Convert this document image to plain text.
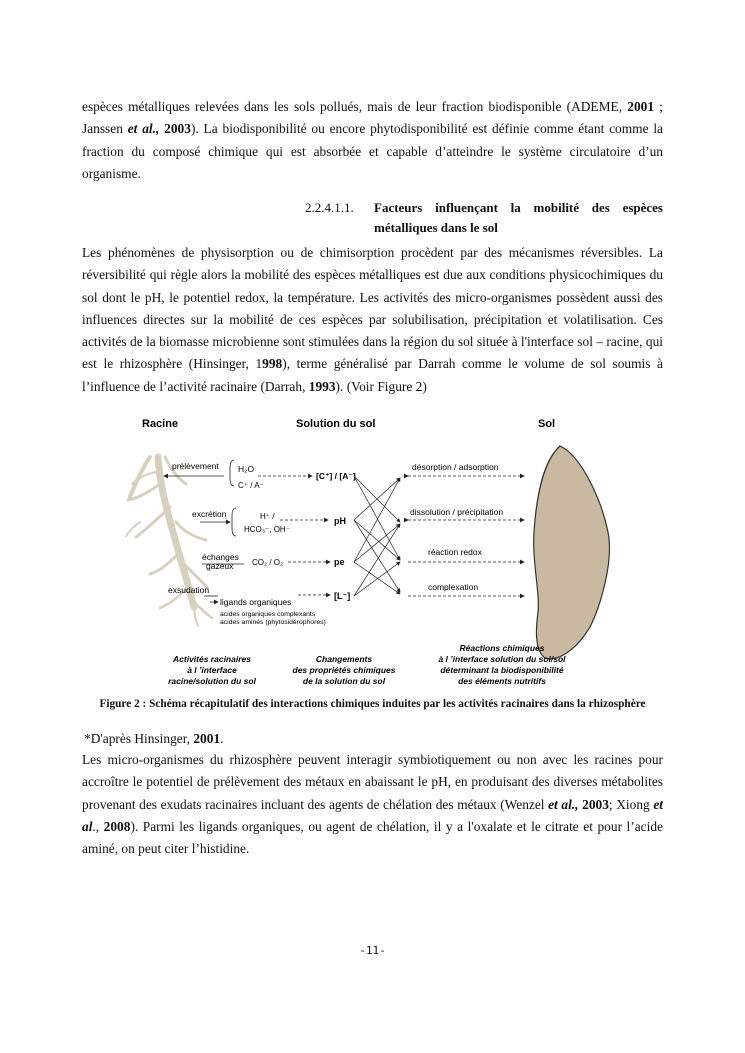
espèces métalliques relevées dans les sols pollués, mais de leur fraction biodisponible (ADEME, 2001 ; Janssen et al., 2003). La biodisponibilité ou encore phytodisponibilité est définie comme étant comme la fraction du composé chimique qui est absorbée et capable d’atteindre le système circulatoire d’un organisme.

2.2.4.1.1.	Facteurs influençant la mobilité des espèces métalliques dans le sol

Les phénomènes de physisorption ou de chimisorption procèdent par des mécanismes réversibles. La réversibilité qui règle alors la mobilité des espèces métalliques est due aux conditions physicochimiques du sol dont le pH, le potentiel redox, la température. Les activités des micro-organismes possèdent aussi des influences directes sur la mobilité de ces espèces par solubilisation, précipitation et volatilisation. Ces activités de la biomasse microbienne sont stimulées dans la région du sol située à l'interface sol – racine, qui est le rhizosphère (Hinsinger, 1998), terme généralisé par Darrah comme le volume de sol soumis à l’influence de l’activité racinaire (Darrah, 1993). (Voir Figure 2)

Racine	Solution du sol	Sol
prélèvement H₂O
C⁺ / A⁻
excrétion	H⁺ /
HCO₃⁻, OH⁻
échanges
gazeux CO₂ / O₂
exsudation
ligands organiques
acides organiques complexants
acides aminés (phytosidérophores)
[C⁺] / [A⁻]
pH
pe
[L⁻]
désorption / adsorption
dissolution / précipitation
réaction redox
complexation
Activités racinaires
à l ’interface
racine/solution du sol
Changements
des propriétés chimiques
de la solution du sol
Réactions chimiques
à l ’interface solution du sol/sol
déterminant la biodisponibilité
des éléments nutritifs
Figure 2 : Schéma récapitulatif des interactions chimiques induites par les activités racinaires dans la rhizosphère
*D'après Hinsinger, 2001.

Les micro-organismes du rhizosphère peuvent interagir symbiotiquement ou non avec les racines pour accroître le potentiel de prélèvement des métaux en abaissant le pH, en produisant des diverses métabolites provenant des exudats racinaires incluant des agents de chélation des métaux (Wenzel et al., 2003; Xiong et al., 2008). Parmi les ligands organiques, ou agent de chélation, il y a l'oxalate et le citrate et pour l’acide aminé, on peut citer l’histidine.

-11-
